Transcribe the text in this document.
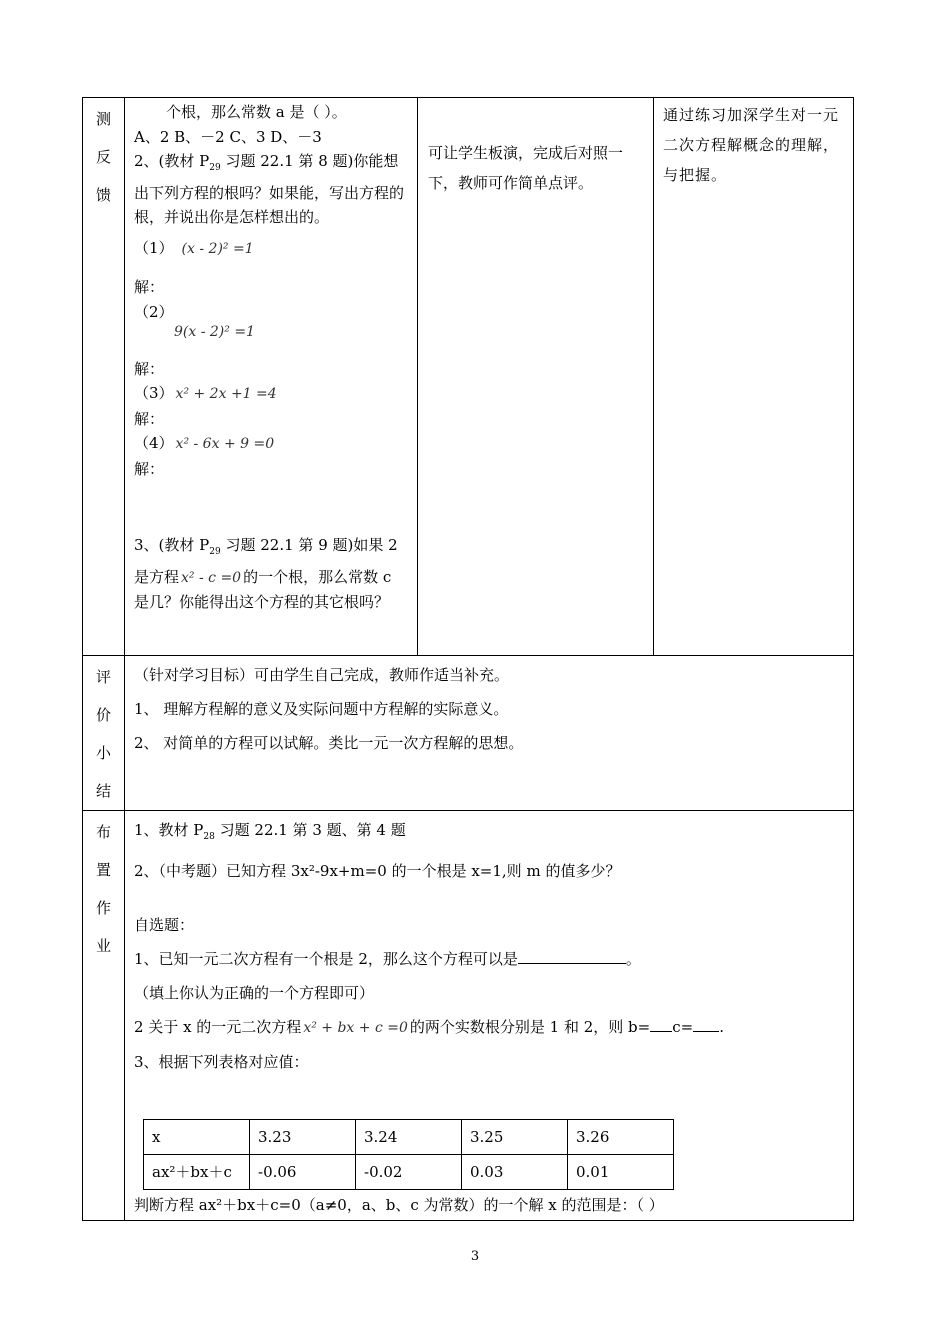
测
反
馈

个根，那么常数 a 是（ ）。

A、2 B、－2 C、3 D、－3

2、(教材 $P_{29}$ 习题 22.1 第 8 题)你能想出下列方程的根吗？如果能，写出方程的根，并说出你是怎样想出的。

（1） (x - 2)² =1

解：

（2）

9(x - 2)² =1

解：

（3） x² + 2x +1 =4

解：

（4） x² - 6x + 9 =0

解：

3、(教材 $P_{29}$ 习题 22.1 第 9 题)如果 2 是方程 x² - c =0 的一个根，那么常数 c 是几？你能得出这个方程的其它根吗？

	可让学生板演，完成后对照一下，教师可作简单点评。	通过练习加深学生对一元二次方程解概念的理解，与把握。

评
价
小
结

（针对学习目标）可由学生自己完成，教师作适当补充。

1、 理解方程解的意义及实际问题中方程解的实际意义。

2、 对简单的方程可以试解。类比一元一次方程解的思想。

布
置
作
业

1、教材 $P_{28}$ 习题 22.1 第 3 题、第 4 题

2、（中考题）已知方程 3x²-9x+m=0 的一个根是 x=1,则 m 的值多少？

自选题：

1、已知一元二次方程有一个根是 2，那么这个方程可以是	。

（填上你认为正确的一个方程即可）

2 关于 x 的一元二次方程 x² + bx + c =0 的两个实数根分别是 1 和 2，则 b= c= .

3、根据下列表格对应值：

x	3.23	3.24	3.25	3.26
ax²＋bx＋c	-0.06	-0.02	0.03	0.01

判断方程 ax²＋bx＋c=0（a≠0，a、b、c 为常数）的一个解 x 的范围是：（ ）

3
